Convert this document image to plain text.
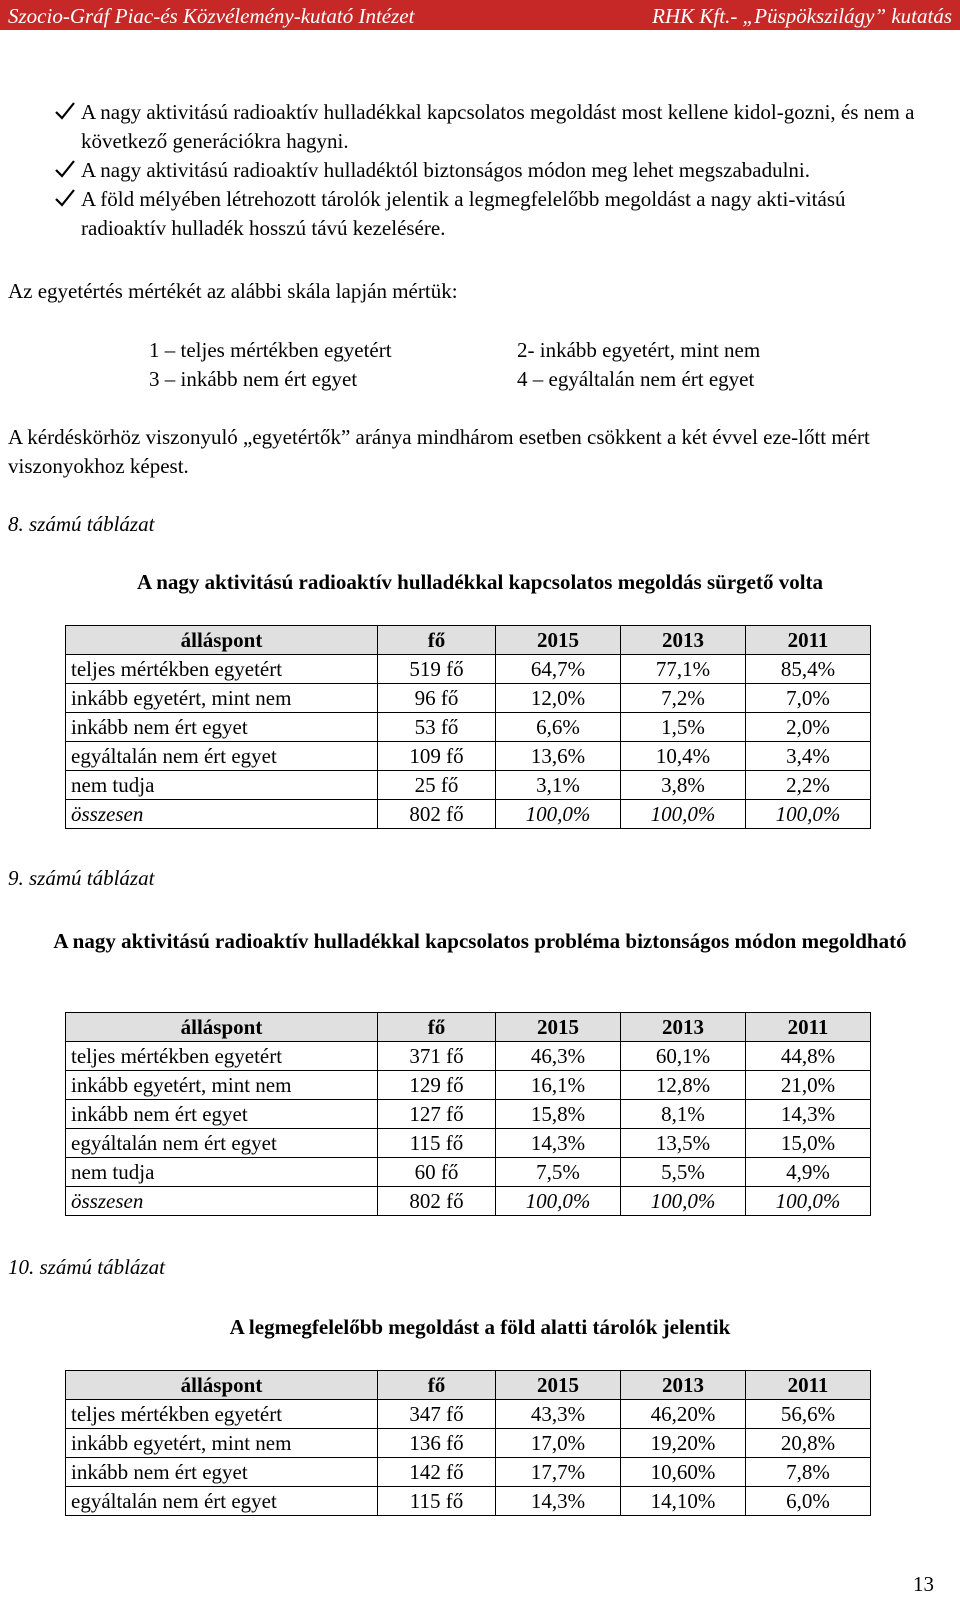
Szocio-Gráf Piac-és Közvélemény-kutató Intézet	RHK Kft.- „Püspökszilágy” kutatás
A nagy aktivitású radioaktív hulladékkal kapcsolatos megoldást most kellene kidol-gozni, és nem a következő generációkra hagyni.
A nagy aktivitású radioaktív hulladéktól biztonságos módon meg lehet megszabadulni.
A föld mélyében létrehozott tárolók jelentik a legmegfelelőbb megoldást a nagy akti-vitású radioaktív hulladék hosszú távú kezelésére.

Az egyetértés mértékét az alábbi skála lapján mértük:

1 – teljes mértékben egyetért	2- inkább egyetért, mint nem
3 – inkább nem ért egyet	4 – egyáltalán nem ért egyet

A kérdéskörhöz viszonyuló „egyetértők” aránya mindhárom esetben csökkent a két évvel eze-lőtt mért viszonyokhoz képest.

8. számú táblázat
A nagy aktivitású radioaktív hulladékkal kapcsolatos megoldás sürgető volta
álláspont	fő	2015	2013	2011
teljes mértékben egyetért	519 fő	64,7%	77,1%	85,4%
inkább egyetért, mint nem	96 fő	12,0%	7,2%	7,0%
inkább nem ért egyet	53 fő	6,6%	1,5%	2,0%
egyáltalán nem ért egyet	109 fő	13,6%	10,4%	3,4%
nem tudja	25 fő	3,1%	3,8%	2,2%
összesen	802 fő	100,0%	100,0%	100,0%
9. számú táblázat
A nagy aktivitású radioaktív hulladékkal kapcsolatos probléma biztonságos módon megoldható
álláspont	fő	2015	2013	2011
teljes mértékben egyetért	371 fő	46,3%	60,1%	44,8%
inkább egyetért, mint nem	129 fő	16,1%	12,8%	21,0%
inkább nem ért egyet	127 fő	15,8%	8,1%	14,3%
egyáltalán nem ért egyet	115 fő	14,3%	13,5%	15,0%
nem tudja	60 fő	7,5%	5,5%	4,9%
összesen	802 fő	100,0%	100,0%	100,0%
10. számú táblázat
A legmegfelelőbb megoldást a föld alatti tárolók jelentik
álláspont	fő	2015	2013	2011
teljes mértékben egyetért	347 fő	43,3%	46,20%	56,6%
inkább egyetért, mint nem	136 fő	17,0%	19,20%	20,8%
inkább nem ért egyet	142 fő	17,7%	10,60%	7,8%
egyáltalán nem ért egyet	115 fő	14,3%	14,10%	6,0%
13
